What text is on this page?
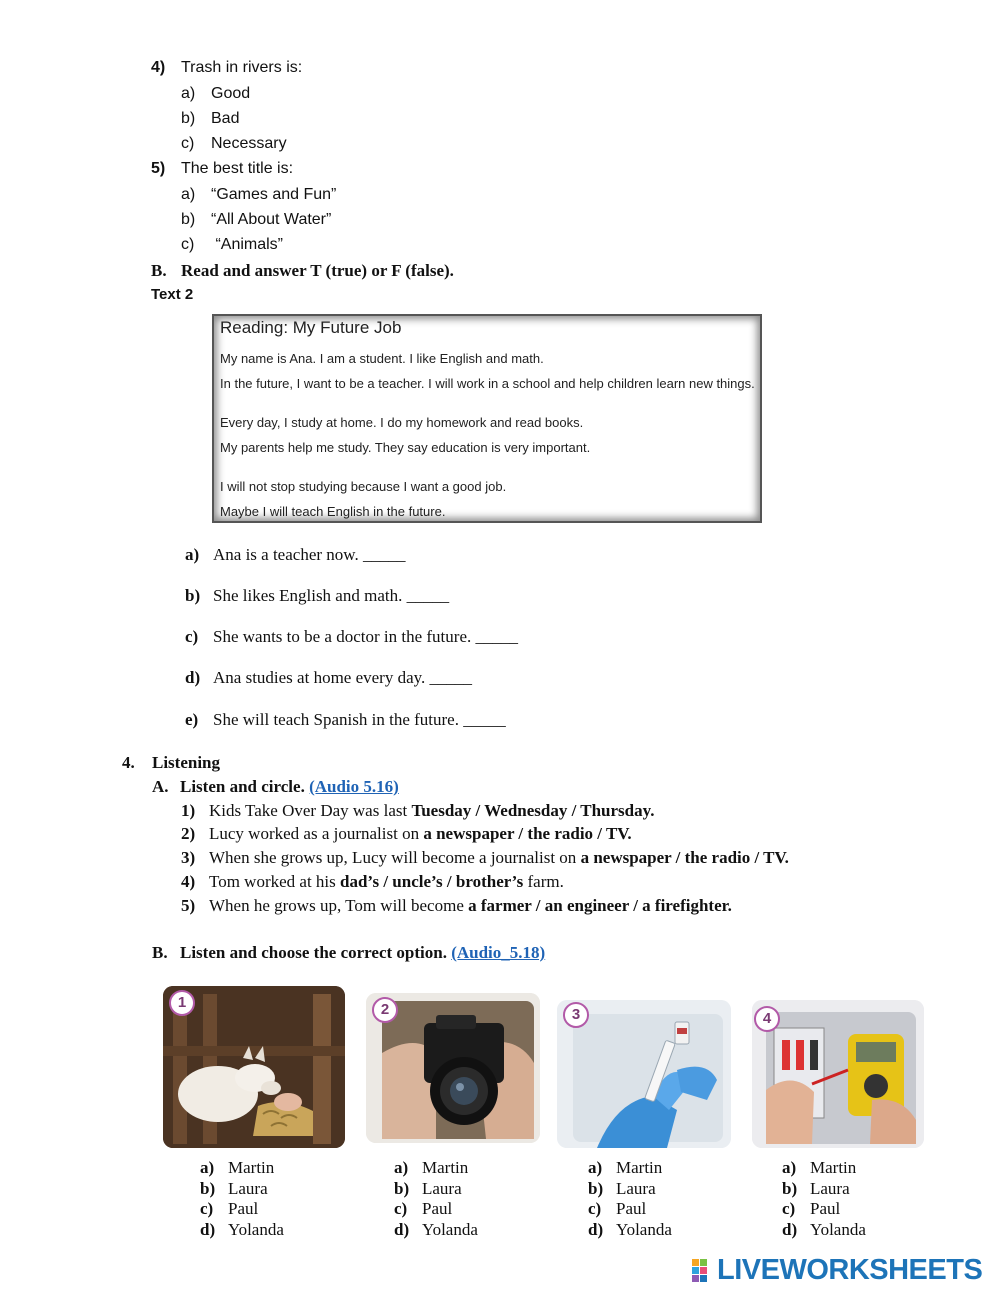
4) Trash in rivers is:
a) Good
b) Bad
c) Necessary
5) The best title is:
a) “Games and Fun”
b) “All About Water”
c) “Animals”
B. Read and answer T (true) or F (false).
Text 2
Reading: My Future Job
My name is Ana. I am a student. I like English and math.
In the future, I want to be a teacher. I will work in a school and help children learn new things.
Every day, I study at home. I do my homework and read books.
My parents help me study. They say education is very important.
I will not stop studying because I want a good job.
Maybe I will teach English in the future.
a) Ana is a teacher now. _____
b) She likes English and math. _____
c) She wants to be a doctor in the future. _____
d) Ana studies at home every day. _____
e) She will teach Spanish in the future. _____
4. Listening
A. Listen and circle. (Audio 5.16)
1) Kids Take Over Day was last Tuesday / Wednesday / Thursday.
2) Lucy worked as a journalist on a newspaper / the radio / TV.
3) When she grows up, Lucy will become a journalist on a newspaper / the radio / TV.
4) Tom worked at his dad’s / uncle’s / brother’s farm.
5) When he grows up, Tom will become a farmer / an engineer / a firefighter.
B. Listen and choose the correct option. (Audio_5.18)
1	2	3	4
a) Martin
b) Laura
c) Paul
d) Yolanda
a) Martin
b) Laura
c) Paul
d) Yolanda
a) Martin
b) Laura
c) Paul
d) Yolanda
a) Martin
b) Laura
c) Paul
d) Yolanda
LIVEWORKSHEETS
